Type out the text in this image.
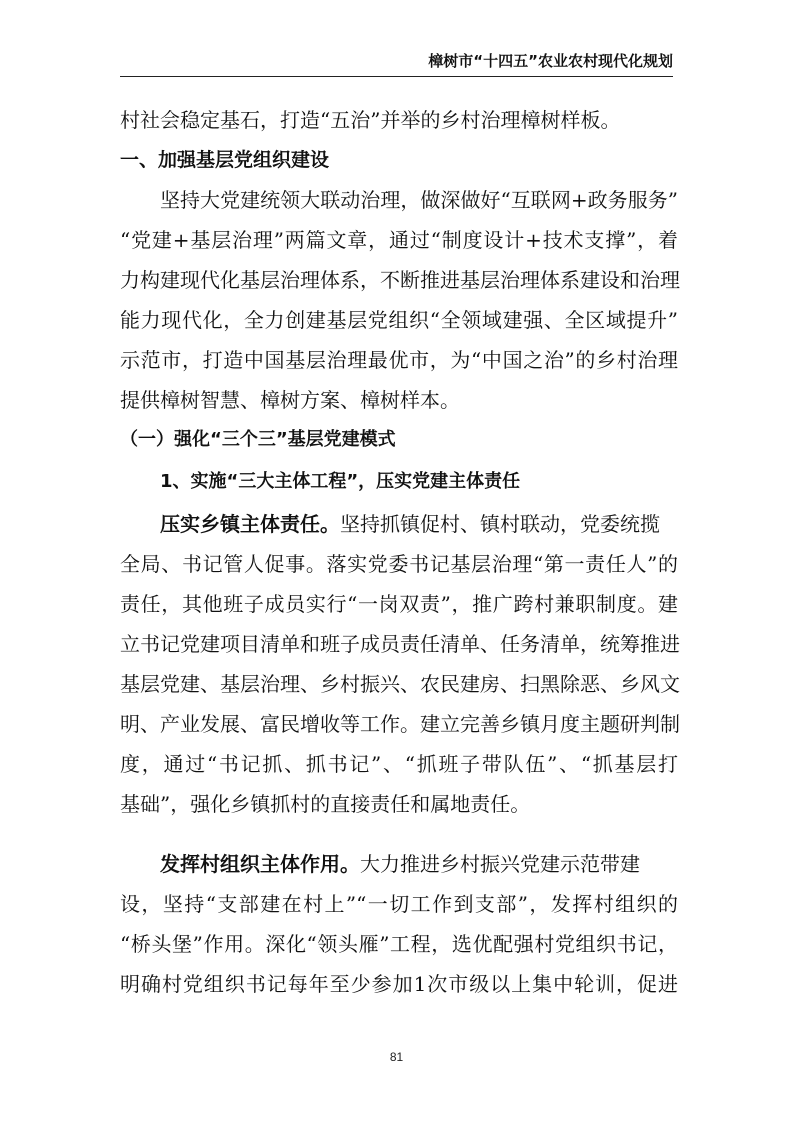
樟树市“十四五”农业农村现代化规划
村社会稳定基石，打造“五治”并举的乡村治理樟树样板。
一、加强基层党组织建设
坚持大党建统领大联动治理，做深做好“互联网+政务服务”
“党建+基层治理”两篇文章，通过“制度设计+技术支撑”，着
力构建现代化基层治理体系，不断推进基层治理体系建设和治理
能力现代化，全力创建基层党组织“全领域建强、全区域提升”
示范市，打造中国基层治理最优市，为“中国之治”的乡村治理
提供樟树智慧、樟树方案、樟树样本。
（一）强化“三个三”基层党建模式
1、实施“三大主体工程”，压实党建主体责任
压实乡镇主体责任。坚持抓镇促村、镇村联动，党委统揽
全局、书记管人促事。落实党委书记基层治理“第一责任人”的
责任，其他班子成员实行“一岗双责”，推广跨村兼职制度。建
立书记党建项目清单和班子成员责任清单、任务清单，统筹推进
基层党建、基层治理、乡村振兴、农民建房、扫黑除恶、乡风文
明、产业发展、富民增收等工作。建立完善乡镇月度主题研判制
度，通过“书记抓、抓书记”、“抓班子带队伍”、“抓基层打
基础”，强化乡镇抓村的直接责任和属地责任。
发挥村组织主体作用。大力推进乡村振兴党建示范带建
设，坚持“支部建在村上”“一切工作到支部”，发挥村组织的
“桥头堡”作用。深化“领头雁”工程，选优配强村党组织书记，
明确村党组织书记每年至少参加1次市级以上集中轮训，促进
81
